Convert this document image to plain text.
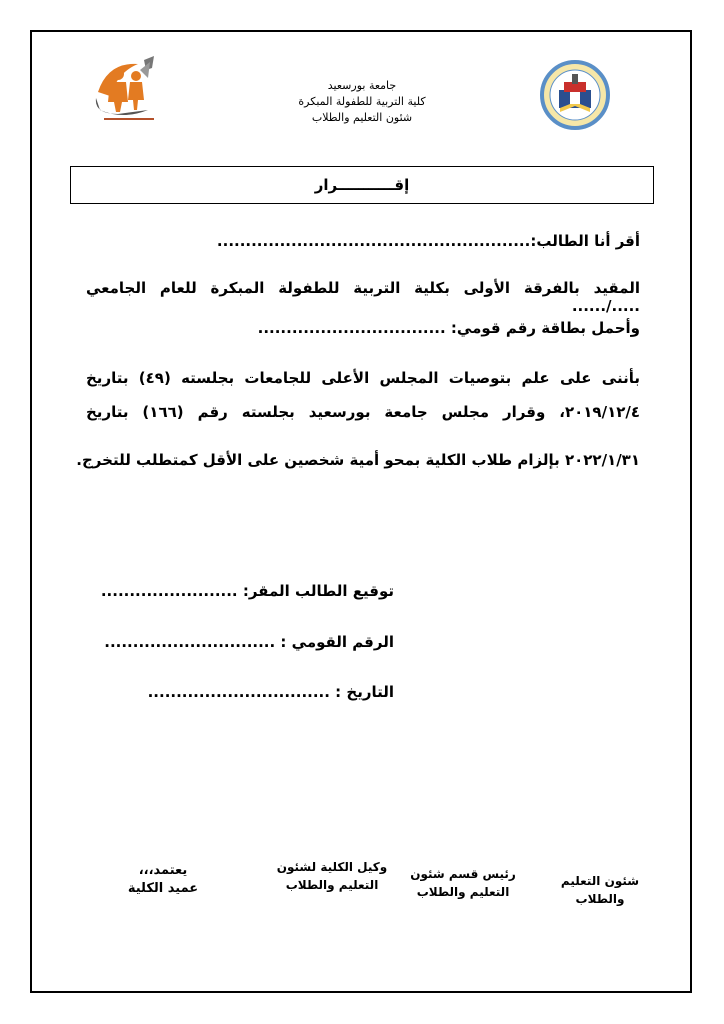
جامعة بورسعيد
كلية التربية للطفولة المبكرة
شئون التعليم والطلاب
إقـــــــــــرار
أقر أنا الطالب:.......................................................
المقيد بالفرقة الأولى بكلية التربية للطفولة المبكرة للعام الجامعي ...../......
وأحمل بطاقة رقم قومي: .................................
بأننى على علم بتوصيات المجلس الأعلى للجامعات بجلسته (٤٩) بتاريخ
٢٠١٩/١٢/٤، وقرار مجلس جامعة بورسعيد بجلسته رقم (١٦٦) بتاريخ
٢٠٢٢/١/٣١ بإلزام طلاب الكلية بمحو أمية شخصين على الأقل كمتطلب للتخرج.
توقيع الطالب المقر: ........................
الرقم القومي : ..............................
التاريخ : ................................
شئون التعليم والطلاب
رئيس قسم شئون
التعليم والطلاب
وكيل الكلية لشئون
التعليم والطلاب
يعتمد،،،
عميد الكلية
